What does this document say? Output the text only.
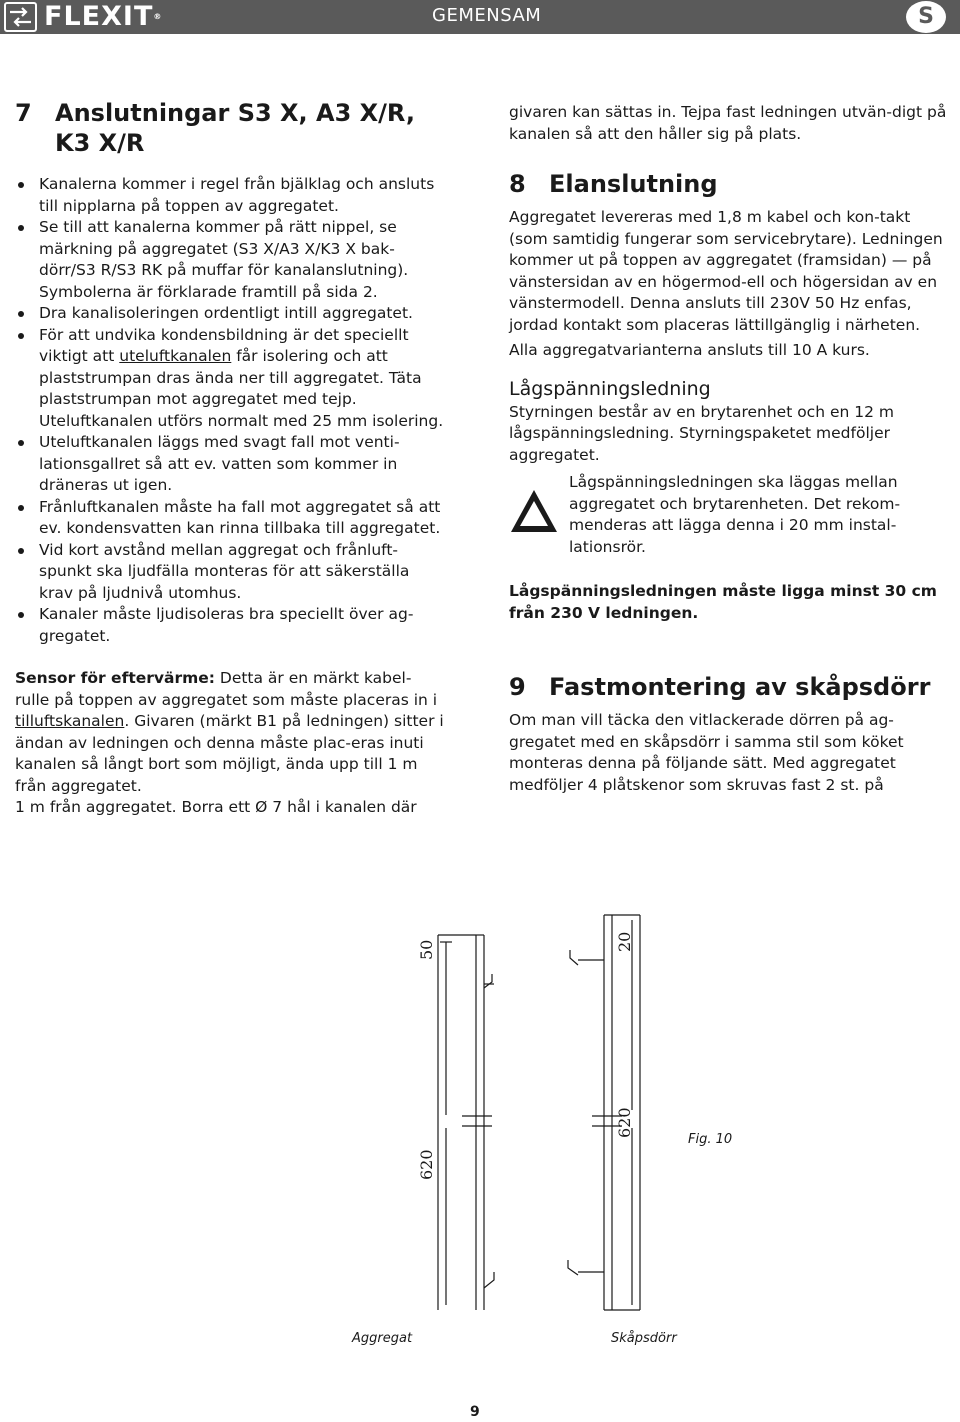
FLEXIT®	GEMENSAM	S
7 Anslutningar S3 X, A3 X/R,
K3 X/R
Kanalerna kommer i regel från bjälklag och ansluts till nipplarna på toppen av aggregatet.
Se till att kanalerna kommer på rätt nippel, se märkning på aggregatet (S3 X/A3 X/K3 X bak-dörr/S3 R/S3 RK på muffar för kanalanslutning). Symbolerna är förklarade framtill på sida 2.
Dra kanalisoleringen ordentligt intill aggregatet.
För att undvika kondensbildning är det speciellt viktigt att uteluftkanalen får isolering och att plaststrumpan dras ända ner till aggregatet. Täta plaststrumpan mot aggregatet med tejp. Uteluftkanalen utförs normalt med 25 mm isolering.
Uteluftkanalen läggs med svagt fall mot venti-lationsgallret så att ev. vatten som kommer in dräneras ut igen.
Frånluftkanalen måste ha fall mot aggregatet så att ev. kondensvatten kan rinna tillbaka till aggregatet.
Vid kort avstånd mellan aggregat och frånluft-spunkt ska ljudfälla monteras för att säkerställa krav på ljudnivå utomhus.
Kanaler måste ljudisoleras bra speciellt över ag-gregatet.

Sensor för eftervärme: Detta är en märkt kabel-rulle på toppen av aggregatet som måste placeras in i tilluftskanalen. Givaren (märkt B1 på ledningen) sitter i ändan av ledningen och denna måste plac-eras inuti kanalen så långt bort som möjligt, ända upp till 1 m från aggregatet.

1 m från aggregatet. Borra ett Ø 7 hål i kanalen där

givaren kan sättas in. Tejpa fast ledningen utvän-digt på kanalen så att den håller sig på plats.

8 Elanslutning

Aggregatet levereras med 1,8 m kabel och kon-takt (som samtidig fungerar som servicebrytare). Ledningen kommer ut på toppen av aggregatet (framsidan) — på vänstersidan av en högermod-ell och högersidan av en vänstermodell. Denna ansluts till 230V 50 Hz enfas, jordad kontakt som placeras lättillgänglig i närheten.

Alla aggregatvarianterna ansluts till 10 A kurs.

Lågspänningsledning

Styrningen består av en brytarenhet och en 12 m lågspänningsledning. Styrningspaketet medföljer aggregatet.

Lågspänningsledningen ska läggas mellan aggregatet och brytarenheten. Det rekom-menderas att lägga denna i 20 mm instal-lationsrör.

Lågspänningsledningen måste ligga minst 30 cm från 230 V ledningen.

9 Fastmontering av skåpsdörr

Om man vill täcka den vitlackerade dörren på ag-gregatet med en skåpsdörr i samma stil som köket monteras denna på följande sätt. Med aggregatet medföljer 4 plåtskenor som skruvas fast 2 st. på

50	20
620
620
Fig. 10
Aggregat	Skåpsdörr
9
